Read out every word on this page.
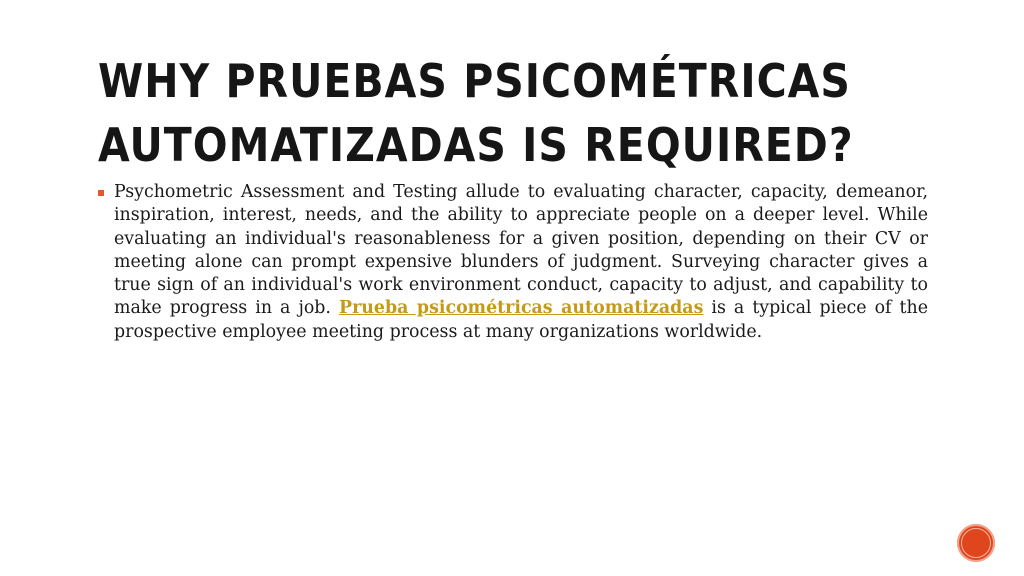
WHY PRUEBAS PSICOMÉTRICAS
AUTOMATIZADAS IS REQUIRED?
Psychometric Assessment and Testing allude to evaluating character, capacity, demeanor, inspiration, interest, needs, and the ability to appreciate people on a deeper level. While evaluating an individual's reasonableness for a given position, depending on their CV or meeting alone can prompt expensive blunders of judgment. Surveying character gives a true sign of an individual's work environment conduct, capacity to adjust, and capability to make progress in a job. Prueba psicométricas automatizadas is a typical piece of the prospective employee meeting process at many organizations worldwide.
